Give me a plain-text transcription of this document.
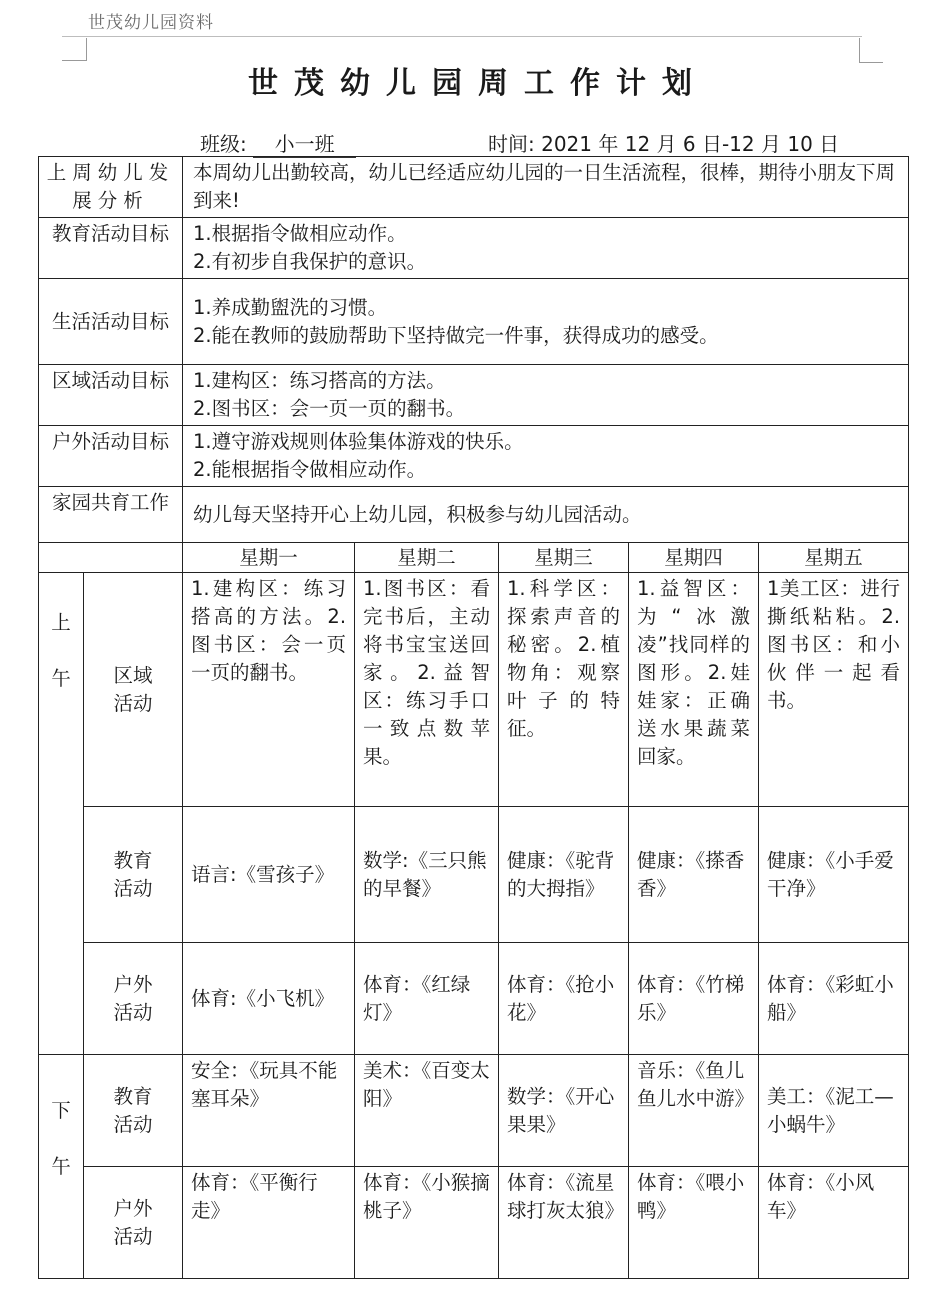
世茂幼儿园资料
世茂幼儿园周工作计划
班级: 小一班	时间: 2021 年 12 月 6 日-12 月 10 日
上周幼儿发展分析		本周幼儿出勤较高，幼儿已经适应幼儿园的一日生活流程，很棒，期待小朋友下周到来!				
教育活动目标		1.根据指令做相应动作。
2.有初步自我保护的意识。				

生活活动目标		1.养成勤盥洗的习惯。
2.能在教师的鼓励帮助下坚持做完一件事，获得成功的感受。				

区域活动目标		1.建构区：练习搭高的方法。
2.图书区：会一页一页的翻书。				

户外活动目标		1.遵守游戏规则体验集体游戏的快乐。
2.能根据指令做相应动作。				

家园共育工作		幼儿每天坚持开心上幼儿园，积极参与幼儿园活动。				

		星期一	星期二	星期三	星期四	星期五

上
午	区域
活动	1.建构区：练习搭高的方法。2.图书区：会一页一页的翻书。	1.图书区：看完书后，主动将书宝宝送回家。2.益智区：练习手口一致点数苹果。	1.科学区：探索声音的秘密。2.植物角：观察叶子的特征。	1.益智区：为“冰激凌”找同样的图形。2.娃娃家：正确送水果蔬菜回家。	1美工区：进行撕纸粘粘。2.图书区：和小伙伴一起看书。

	教育
活动	语言:《雪孩子》	数学:《三只熊的早餐》	健康：《驼背的大拇指》	健康：《搽香香》	健康：《小手爱干净》

	户外
活动	体育:《小飞机》	体育：《红绿灯》	体育：《抢小花》	体育：《竹梯乐》	体育：《彩虹小船》

下
午	教育
活动	安全：《玩具不能塞耳朵》	美术：《百变太阳》	数学：《开心果果》	音乐：《鱼儿鱼儿水中游》	美工：《泥工—小蜗牛》

	户外
活动	体育：《平衡行走》	体育：《小猴摘桃子》	体育：《流星球打灰太狼》	体育：《喂小鸭》	体育：《小风车》
